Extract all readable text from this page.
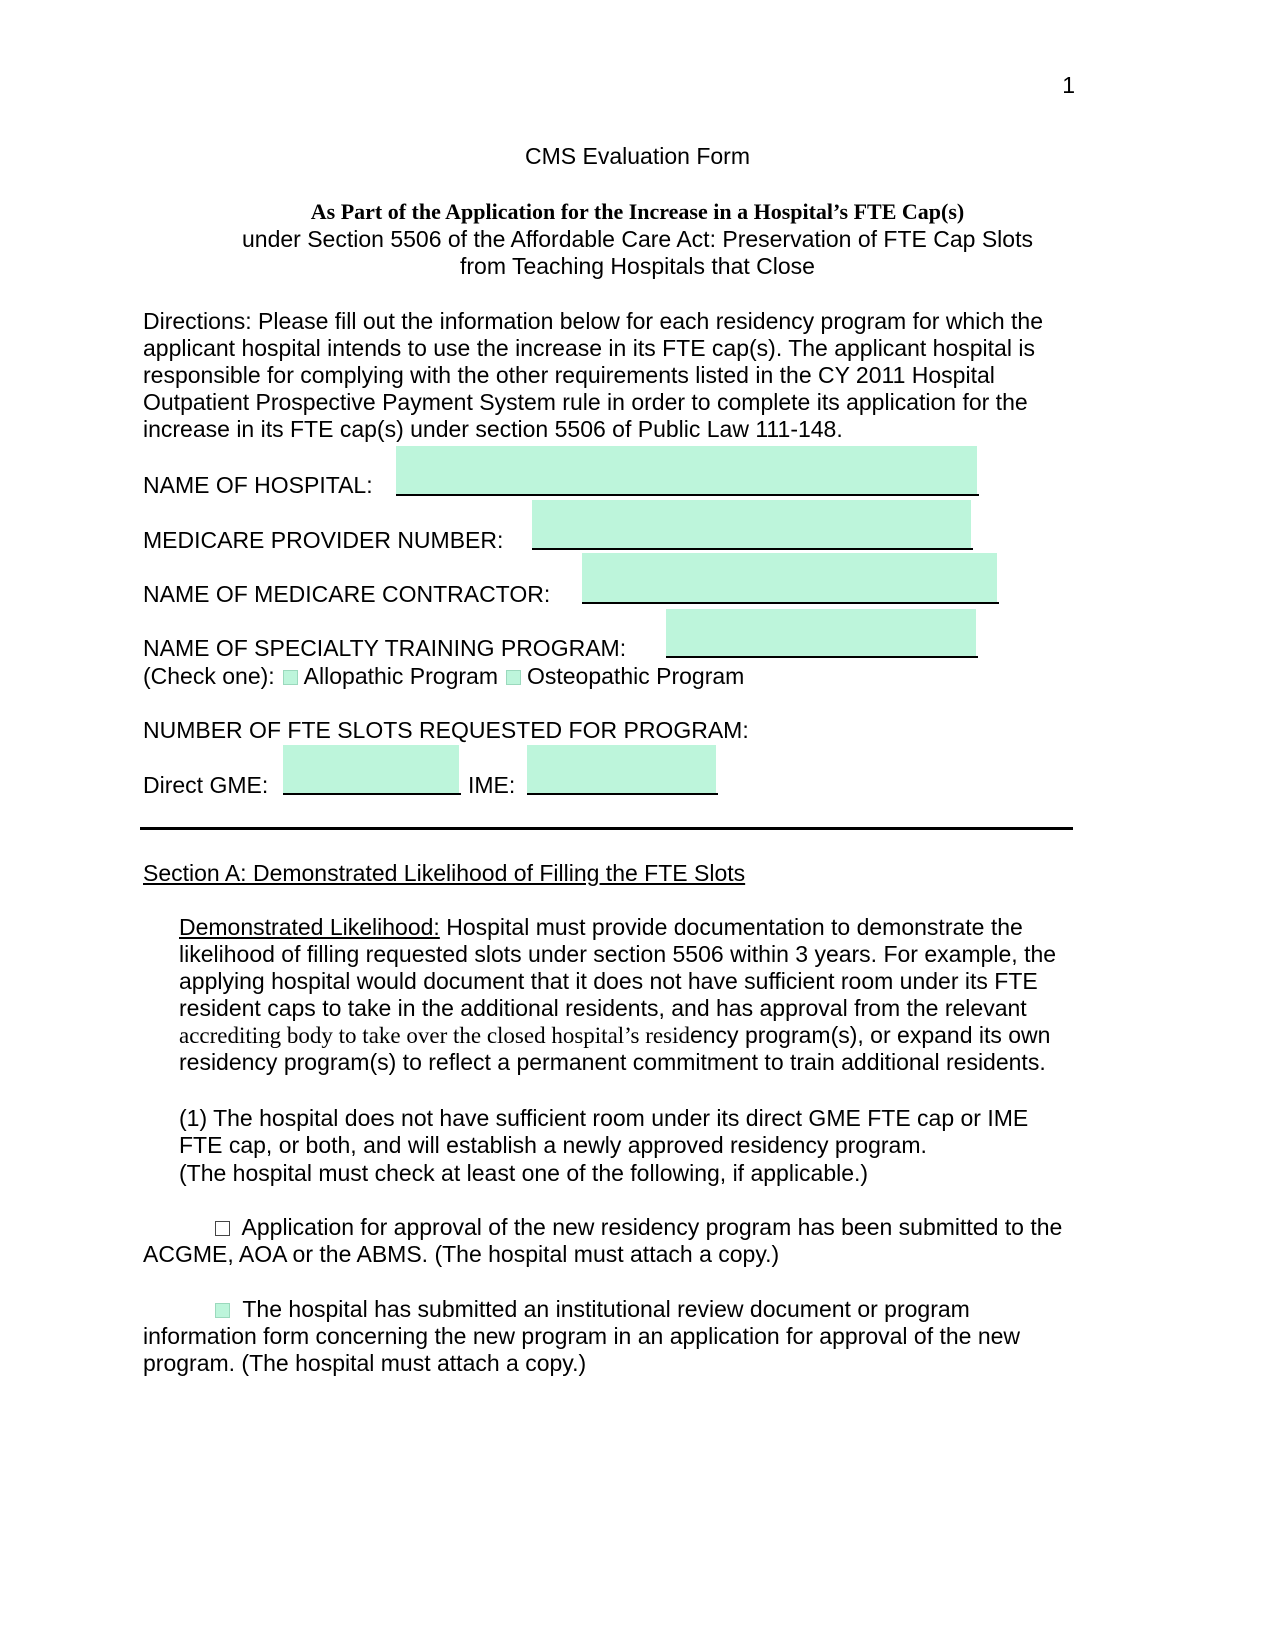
1
CMS Evaluation Form
As Part of the Application for the Increase in a Hospital’s FTE Cap(s)
under Section 5506 of the Affordable Care Act: Preservation of FTE Cap Slots
from Teaching Hospitals that Close
Directions: Please fill out the information below for each residency program for which the applicant hospital intends to use the increase in its FTE cap(s). The applicant hospital is responsible for complying with the other requirements listed in the CY 2011 Hospital Outpatient Prospective Payment System rule in order to complete its application for the increase in its FTE cap(s) under section 5506 of Public Law 111-148.
NAME OF HOSPITAL:
MEDICARE PROVIDER NUMBER:
NAME OF MEDICARE CONTRACTOR:
NAME OF SPECIALTY TRAINING PROGRAM:
(Check one): Allopathic Program Osteopathic Program
NUMBER OF FTE SLOTS REQUESTED FOR PROGRAM:
Direct GME:	IME:
Section A: Demonstrated Likelihood of Filling the FTE Slots
Demonstrated Likelihood: Hospital must provide documentation to demonstrate the likelihood of filling requested slots under section 5506 within 3 years. For example, the applying hospital would document that it does not have sufficient room under its FTE resident caps to take in the additional residents, and has approval from the relevant accrediting body to take over the closed hospital’s residency program(s), or expand its own residency program(s) to reflect a permanent commitment to train additional residents.
(1) The hospital does not have sufficient room under its direct GME FTE cap or IME FTE cap, or both, and will establish a newly approved residency program.
(The hospital must check at least one of the following, if applicable.)
Application for approval of the new residency program has been submitted to the ACGME, AOA or the ABMS. (The hospital must attach a copy.)
The hospital has submitted an institutional review document or program information form concerning the new program in an application for approval of the new program. (The hospital must attach a copy.)
